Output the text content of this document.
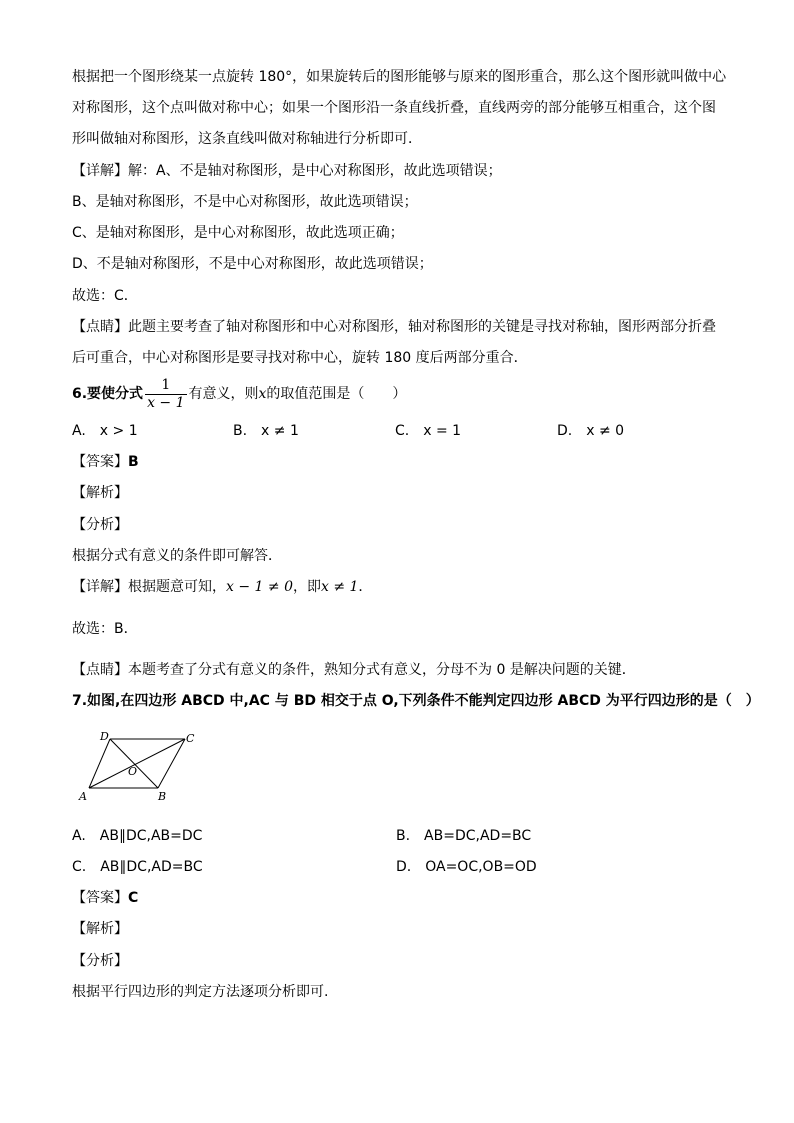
根据把一个图形绕某一点旋转 180°，如果旋转后的图形能够与原来的图形重合，那么这个图形就叫做中心
对称图形，这个点叫做对称中心；如果一个图形沿一条直线折叠，直线两旁的部分能够互相重合，这个图
形叫做轴对称图形，这条直线叫做对称轴进行分析即可．
【详解】解：A、不是轴对称图形，是中心对称图形，故此选项错误；
B、是轴对称图形，不是中心对称图形，故此选项错误；
C、是轴对称图形，是中心对称图形，故此选项正确；
D、不是轴对称图形，不是中心对称图形，故此选项错误；
故选：C．
【点睛】此题主要考查了轴对称图形和中心对称图形，轴对称图形的关键是寻找对称轴，图形两部分折叠
后可重合，中心对称图形是要寻找对称中心，旋转 180 度后两部分重合．
6.要使分式 $\frac{1}{x - 1}$ 有意义，则x的取值范围是（　　）
A.　x > 1	B.　x ≠ 1	C.　x = 1	D.　x ≠ 0
【答案】B
【解析】
【分析】
根据分式有意义的条件即可解答．
【详解】根据题意可知，x − 1 ≠ 0，即x ≠ 1．
故选：B．
【点睛】本题考查了分式有意义的条件，熟知分式有意义，分母不为 0 是解决问题的关键．
7.如图,在四边形 ABCD 中,AC 与 BD 相交于点 O,下列条件不能判定四边形 ABCD 为平行四边形的是（　）
A	B
C
D
O
A.　AB∥DC,AB=DC	B.　AB=DC,AD=BC
C.　AB∥DC,AD=BC	D.　OA=OC,OB=OD
【答案】C
【解析】
【分析】
根据平行四边形的判定方法逐项分析即可.
